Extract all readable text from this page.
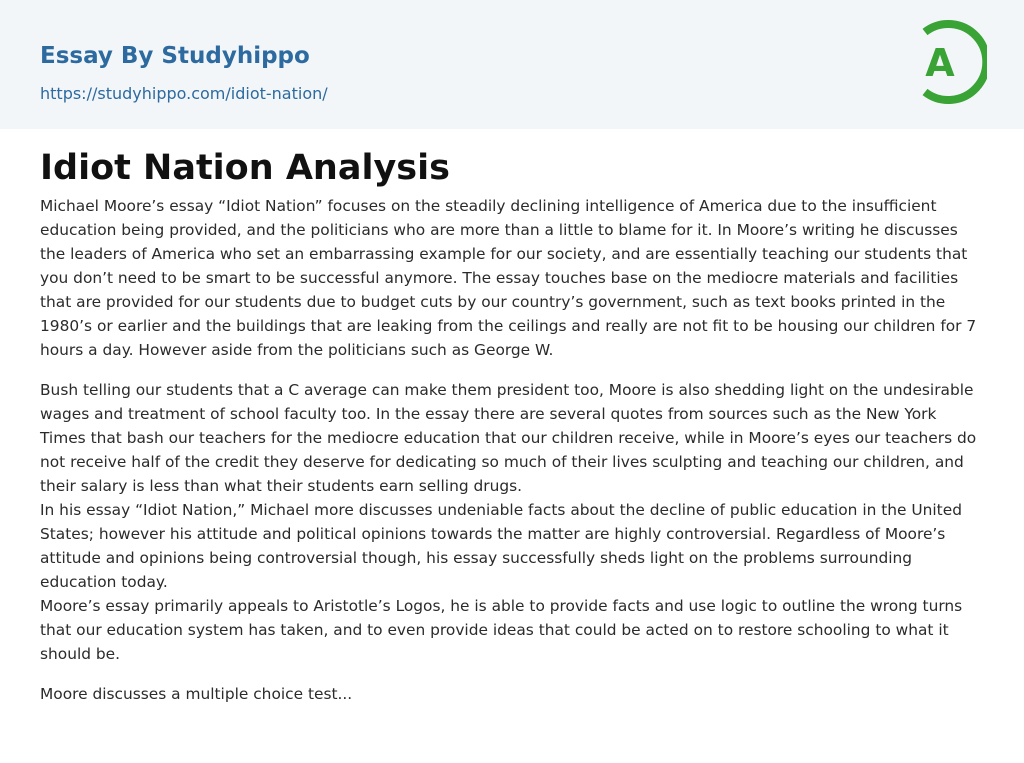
Essay By Studyhippo
https://studyhippo.com/idiot-nation/
A
Idiot Nation Analysis

Michael Moore’s essay “Idiot Nation” focuses on the steadily declining intelligence of America due to the insufficient education being provided, and the politicians who are more than a little to blame for it. In Moore’s writing he discusses the leaders of America who set an embarrassing example for our society, and are essentially teaching our students that you don’t need to be smart to be successful anymore. The essay touches base on the mediocre materials and facilities that are provided for our students due to budget cuts by our country’s government, such as text books printed in the 1980’s or earlier and the buildings that are leaking from the ceilings and really are not fit to be housing our children for 7 hours a day. However aside from the politicians such as George W.

Bush telling our students that a C average can make them president too, Moore is also shedding light on the undesirable wages and treatment of school faculty too. In the essay there are several quotes from sources such as the New York Times that bash our teachers for the mediocre education that our children receive, while in Moore’s eyes our teachers do not receive half of the credit they deserve for dedicating so much of their lives sculpting and teaching our children, and their salary is less than what their students earn selling drugs.

In his essay “Idiot Nation,” Michael more discusses undeniable facts about the decline of public education in the United States; however his attitude and political opinions towards the matter are highly controversial. Regardless of Moore’s attitude and opinions being controversial though, his essay successfully sheds light on the problems surrounding education today.

Moore’s essay primarily appeals to Aristotle’s Logos, he is able to provide facts and use logic to outline the wrong turns that our education system has taken, and to even provide ideas that could be acted on to restore schooling to what it should be.

Moore discusses a multiple choice test...
